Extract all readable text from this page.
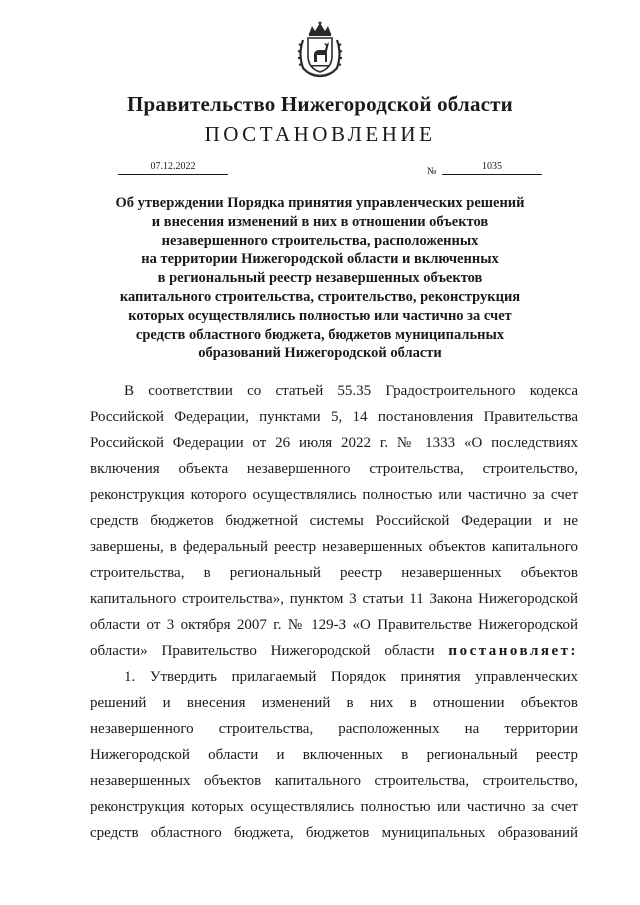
Правительство Нижегородской области
ПОСТАНОВЛЕНИЕ
07.12.2022	№	1035
Об утверждении Порядка принятия управленческих решений
и внесения изменений в них в отношении объектов
незавершенного строительства, расположенных
на территории Нижегородской области и включенных
в региональный реестр незавершенных объектов
капитального строительства, строительство, реконструкция
которых осуществлялись полностью или частично за счет
средств областного бюджета, бюджетов муниципальных
образований Нижегородской области
В соответствии со статьей 55.35 Градостроительного кодекса
Российской Федерации, пунктами 5, 14 постановления Правительства
Российской Федерации от 26 июля 2022 г. № 1333 «О последствиях
включения объекта незавершенного строительства, строительство,
реконструкция которого осуществлялись полностью или частично за счет
средств бюджетов бюджетной системы Российской Федерации и не
завершены, в федеральный реестр незавершенных объектов капитального
строительства, в региональный реестр незавершенных объектов
капитального строительства», пунктом 3 статьи 11 Закона Нижегородской
области от 3 октября 2007 г. № 129-З «О Правительстве Нижегородской
области» Правительство Нижегородской области постановляет:
1. Утвердить прилагаемый Порядок принятия управленческих
решений и внесения изменений в них в отношении объектов
незавершенного строительства, расположенных на территории
Нижегородской области и включенных в региональный реестр
незавершенных объектов капитального строительства, строительство,
реконструкция которых осуществлялись полностью или частично за счет
средств областного бюджета, бюджетов муниципальных образований
